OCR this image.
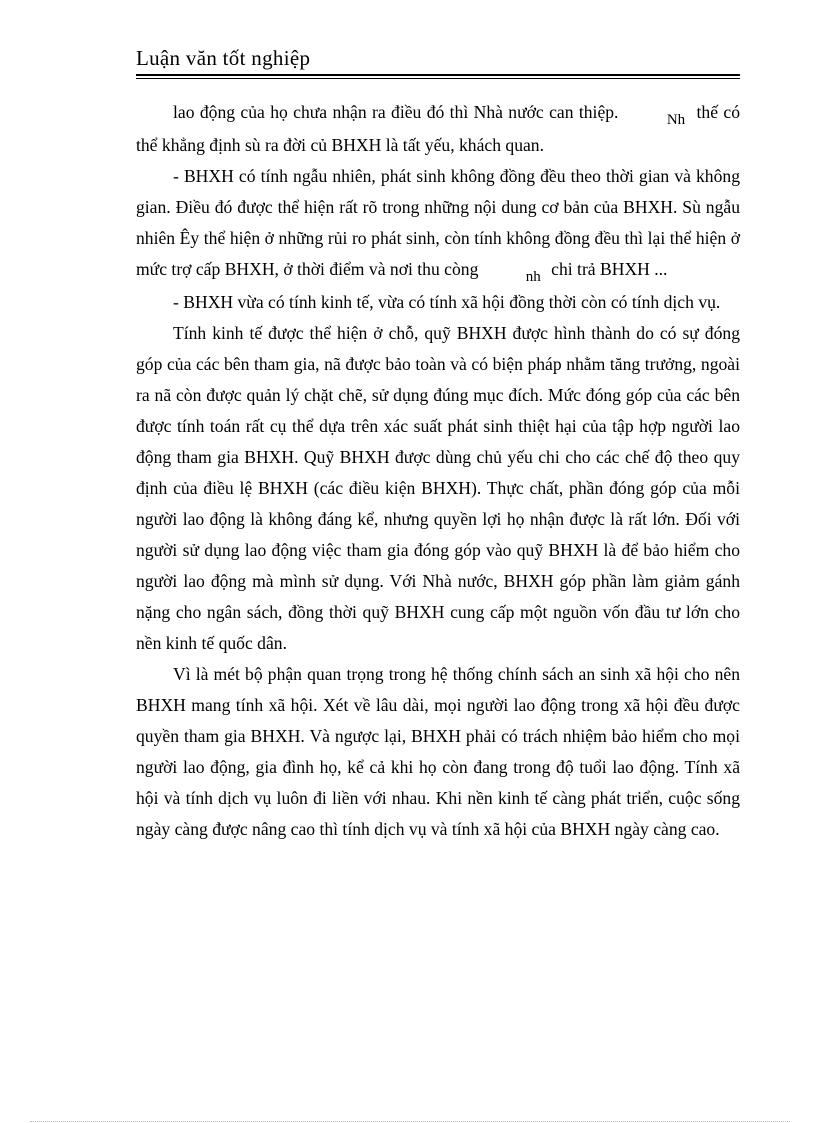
Luận văn tốt nghiệp

lao động của họ chưa nhận ra điều đó thì Nhà nước can thiệp.	Nh thế có thể khẳng định sù ra đời củ BHXH là tất yếu, khách quan.

- BHXH có tính ngẫu nhiên, phát sinh không đồng đều theo thời gian và không gian. Điều đó được thể hiện rất rõ trong những nội dung cơ bản của BHXH. Sù ngẫu nhiên Êy thể hiện ở những rủi ro phát sinh, còn tính không đồng đều thì lại thể hiện ở mức trợ cấp BHXH, ở thời điểm và nơi thu còng	nh chi trả BHXH ...

- BHXH vừa có tính kinh tế, vừa có tính xã hội đồng thời còn có tính dịch vụ.

Tính kinh tế được thể hiện ở chỗ, quỹ BHXH được hình thành do có sự đóng góp của các bên tham gia, nã được bảo toàn và có biện pháp nhằm tăng trưởng, ngoài ra nã còn được quản lý chặt chẽ, sử dụng đúng mục đích. Mức đóng góp của các bên được tính toán rất cụ thể dựa trên xác suất phát sinh thiệt hại của tập hợp người lao động tham gia BHXH. Quỹ BHXH được dùng chủ yếu chi cho các chế độ theo quy định của điều lệ BHXH (các điều kiện BHXH). Thực chất, phần đóng góp của mỗi người lao động là không đáng kể, nhưng quyền lợi họ nhận được là rất lớn. Đối với người sử dụng lao động việc tham gia đóng góp vào quỹ BHXH là để bảo hiểm cho người lao động mà mình sử dụng. Với Nhà nước, BHXH góp phần làm giảm gánh nặng cho ngân sách, đồng thời quỹ BHXH cung cấp một nguồn vốn đầu tư lớn cho nền kinh tế quốc dân.

Vì là mét bộ phận quan trọng trong hệ thống chính sách an sinh xã hội cho nên BHXH mang tính xã hội. Xét về lâu dài, mọi người lao động trong xã hội đều được quyền tham gia BHXH. Và ngược lại, BHXH phải có trách nhiệm bảo hiểm cho mọi người lao động, gia đình họ, kể cả khi họ còn đang trong độ tuổi lao động. Tính xã hội và tính dịch vụ luôn đi liền với nhau. Khi nền kinh tế càng phát triển, cuộc sống ngày càng được nâng cao thì tính dịch vụ và tính xã hội của BHXH ngày càng cao.
